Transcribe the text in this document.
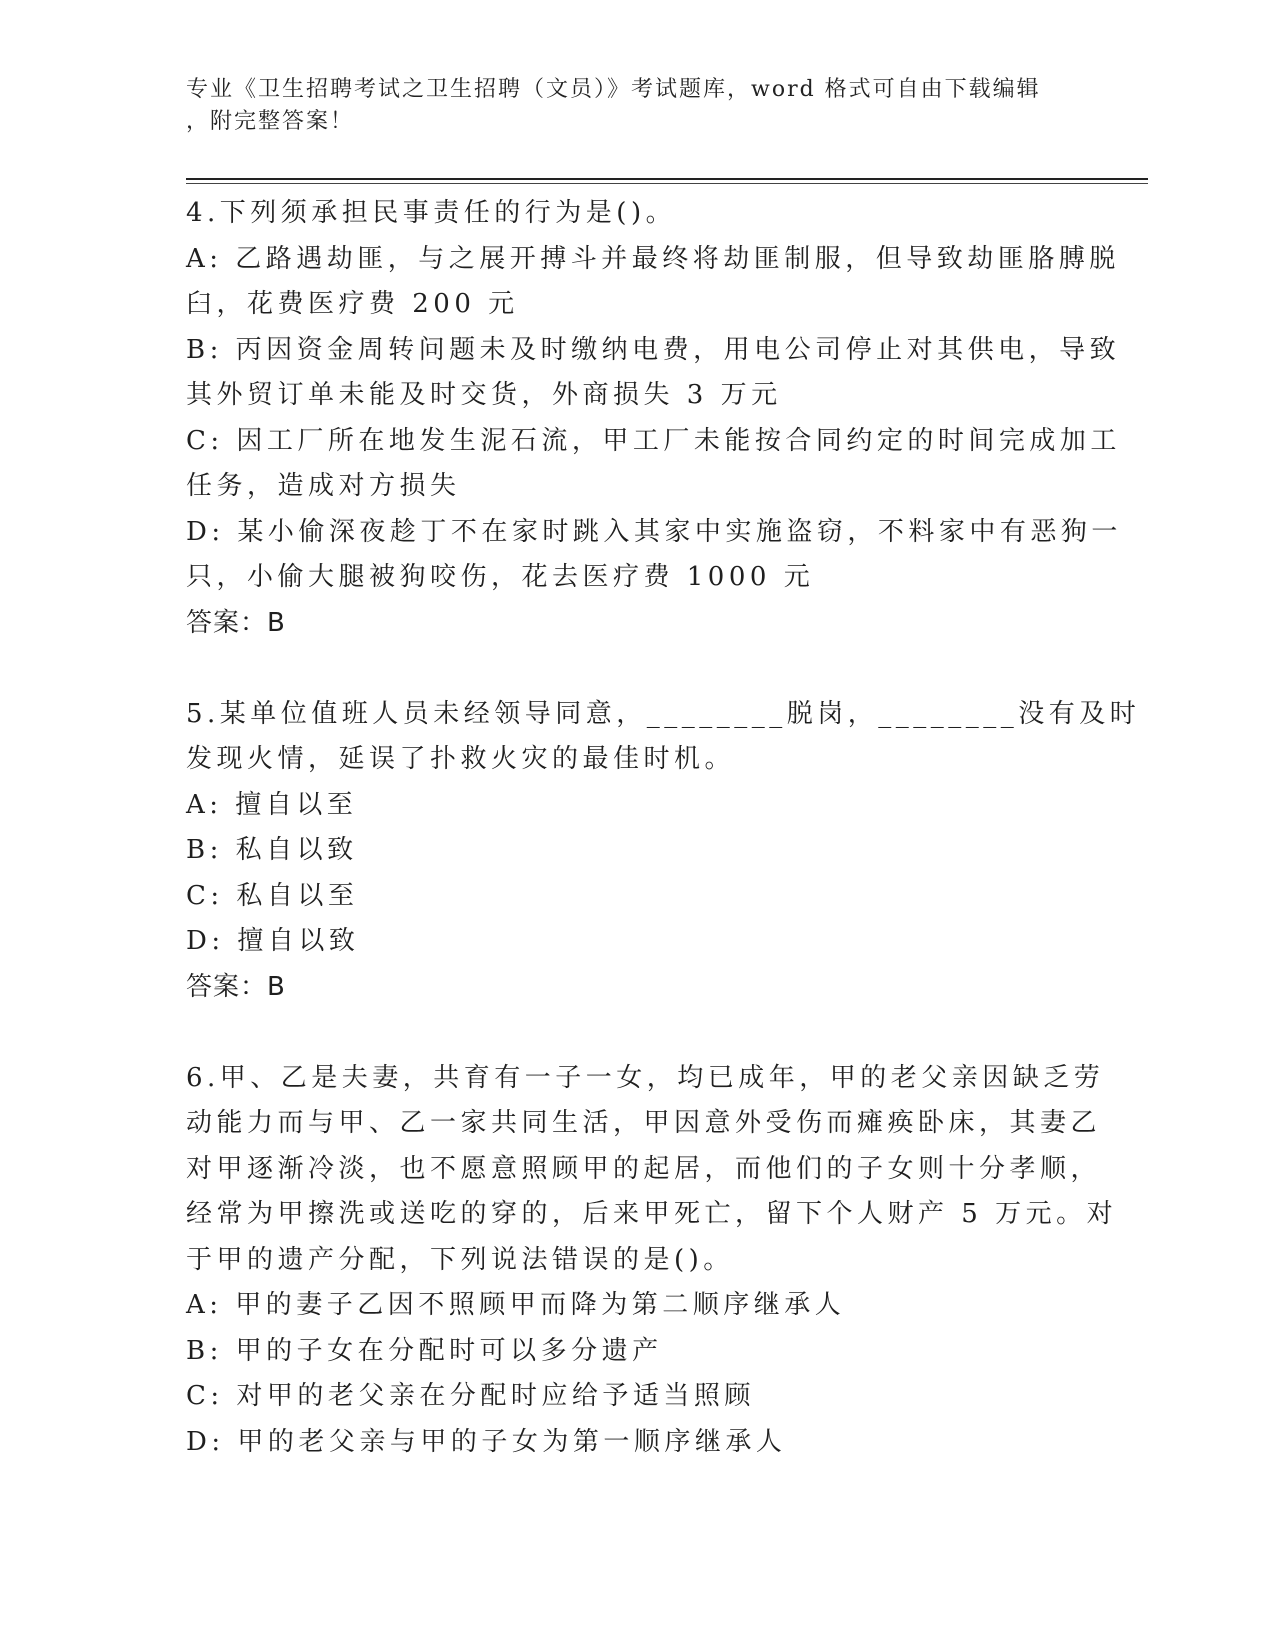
专业《卫生招聘考试之卫生招聘（文员）》考试题库，word 格式可自由下载编辑
，附完整答案！
4.下列须承担民事责任的行为是()。
A: 乙路遇劫匪，与之展开搏斗并最终将劫匪制服，但导致劫匪胳膊脱
臼，花费医疗费 200 元
B: 丙因资金周转问题未及时缴纳电费，用电公司停止对其供电，导致
其外贸订单未能及时交货，外商损失 3 万元
C: 因工厂所在地发生泥石流，甲工厂未能按合同约定的时间完成加工
任务，造成对方损失
D: 某小偷深夜趁丁不在家时跳入其家中实施盗窃，不料家中有恶狗一
只，小偷大腿被狗咬伤，花去医疗费 1000 元
答案：B
5.某单位值班人员未经领导同意，________脱岗，________没有及时
发现火情，延误了扑救火灾的最佳时机。
A: 擅自以至
B: 私自以致
C: 私自以至
D: 擅自以致
答案：B
6.甲、乙是夫妻，共育有一子一女，均已成年，甲的老父亲因缺乏劳
动能力而与甲、乙一家共同生活，甲因意外受伤而瘫痪卧床，其妻乙
对甲逐渐冷淡，也不愿意照顾甲的起居，而他们的子女则十分孝顺，
经常为甲擦洗或送吃的穿的，后来甲死亡，留下个人财产 5 万元。对
于甲的遗产分配，下列说法错误的是()。
A: 甲的妻子乙因不照顾甲而降为第二顺序继承人
B: 甲的子女在分配时可以多分遗产
C: 对甲的老父亲在分配时应给予适当照顾
D: 甲的老父亲与甲的子女为第一顺序继承人
